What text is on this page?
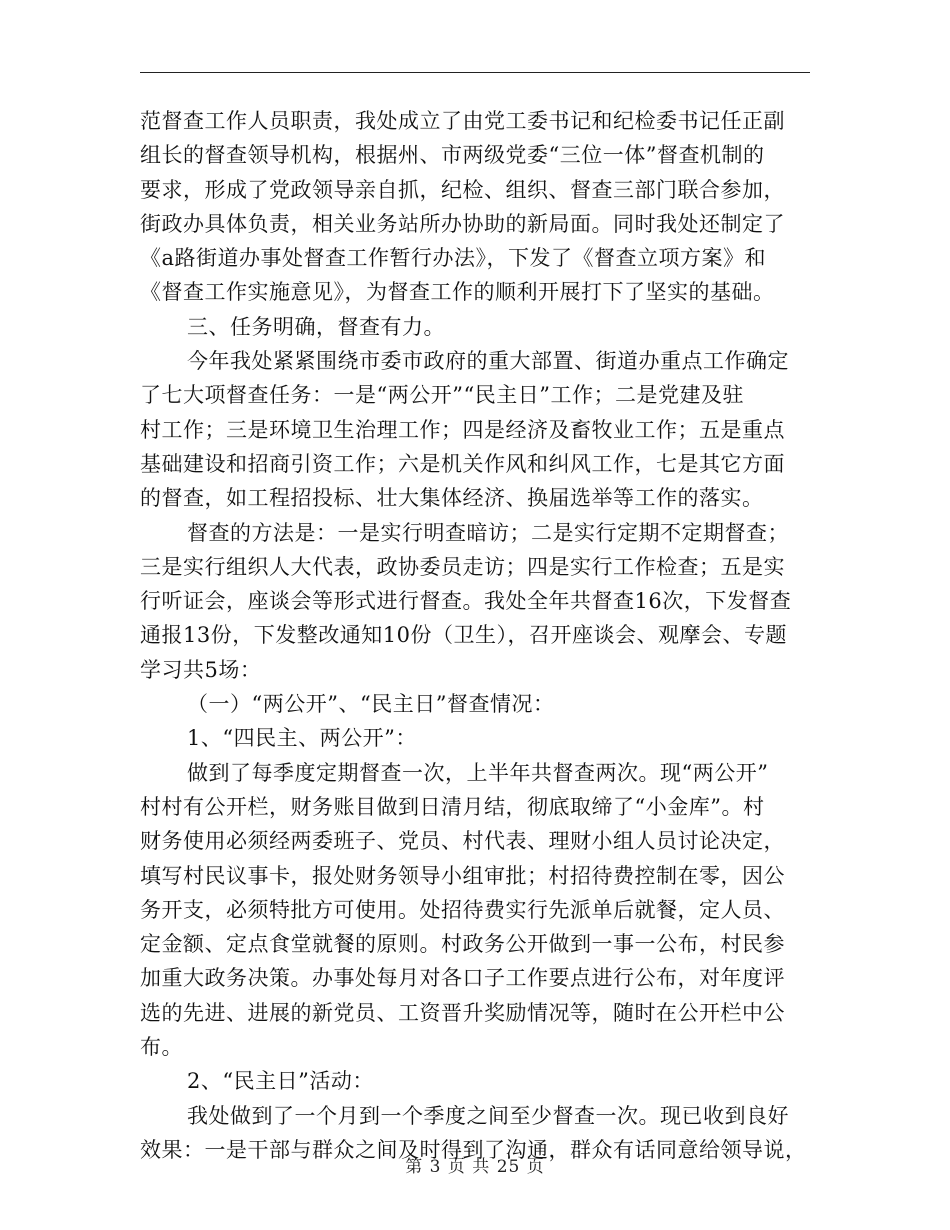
范督查工作人员职责，我处成立了由党工委书记和纪检委书记任正副
组长的督查领导机构，根据州、市两级党委“三位一体”督查机制的
要求，形成了党政领导亲自抓，纪检、组织、督查三部门联合参加，
街政办具体负责，相关业务站所办协助的新局面。同时我处还制定了
《a路街道办事处督查工作暂行办法》，下发了《督查立项方案》和
《督查工作实施意见》，为督查工作的顺利开展打下了坚实的基础。
三、任务明确，督查有力。
今年我处紧紧围绕市委市政府的重大部置、街道办重点工作确定
了七大项督查任务：一是“两公开”“民主日”工作；二是党建及驻
村工作；三是环境卫生治理工作；四是经济及畜牧业工作；五是重点
基础建设和招商引资工作；六是机关作风和纠风工作，七是其它方面
的督查，如工程招投标、壮大集体经济、换届选举等工作的落实。
督查的方法是：一是实行明查暗访；二是实行定期不定期督查；
三是实行组织人大代表，政协委员走访；四是实行工作检查；五是实
行听证会，座谈会等形式进行督查。我处全年共督查16次，下发督查
通报13份，下发整改通知10份（卫生），召开座谈会、观摩会、专题
学习共5场：
（一）“两公开”、“民主日”督查情况：
1、“四民主、两公开”：
做到了每季度定期督查一次，上半年共督查两次。现“两公开”
村村有公开栏，财务账目做到日清月结，彻底取缔了“小金库”。村
财务使用必须经两委班子、党员、村代表、理财小组人员讨论决定，
填写村民议事卡，报处财务领导小组审批；村招待费控制在零，因公
务开支，必须特批方可使用。处招待费实行先派单后就餐，定人员、
定金额、定点食堂就餐的原则。村政务公开做到一事一公布，村民参
加重大政务决策。办事处每月对各口子工作要点进行公布，对年度评
选的先进、进展的新党员、工资晋升奖励情况等，随时在公开栏中公
布。
2、“民主日”活动：
我处做到了一个月到一个季度之间至少督查一次。现已收到良好
效果：一是干部与群众之间及时得到了沟通，群众有话同意给领导说，
第 3 页 共 25 页
